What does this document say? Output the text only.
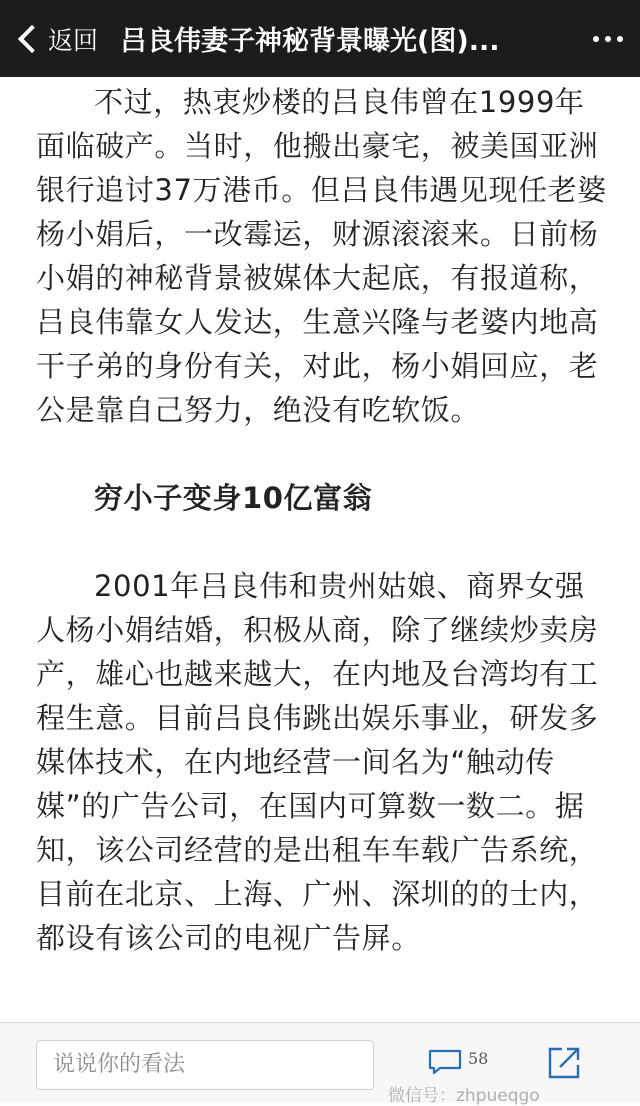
返回 吕良伟妻子神秘背景曝光(图)...

不过，热衷炒楼的吕良伟曾在1999年面临破产。当时，他搬出豪宅，被美国亚洲银行追讨37万港币。但吕良伟遇见现任老婆杨小娟后，一改霉运，财源滚滚来。日前杨小娟的神秘背景被媒体大起底，有报道称，吕良伟靠女人发达，生意兴隆与老婆内地高干子弟的身份有关，对此，杨小娟回应，老公是靠自己努力，绝没有吃软饭。

穷小子变身10亿富翁

2001年吕良伟和贵州姑娘、商界女强人杨小娟结婚，积极从商，除了继续炒卖房产，雄心也越来越大，在内地及台湾均有工程生意。目前吕良伟跳出娱乐事业，研发多媒体技术，在内地经营一间名为“触动传媒”的广告公司，在国内可算数一数二。据知，该公司经营的是出租车车载广告系统，目前在北京、上海、广州、深圳的的士内，都设有该公司的电视广告屏。

说说你的看法	58
微信号：zhpueqgo
